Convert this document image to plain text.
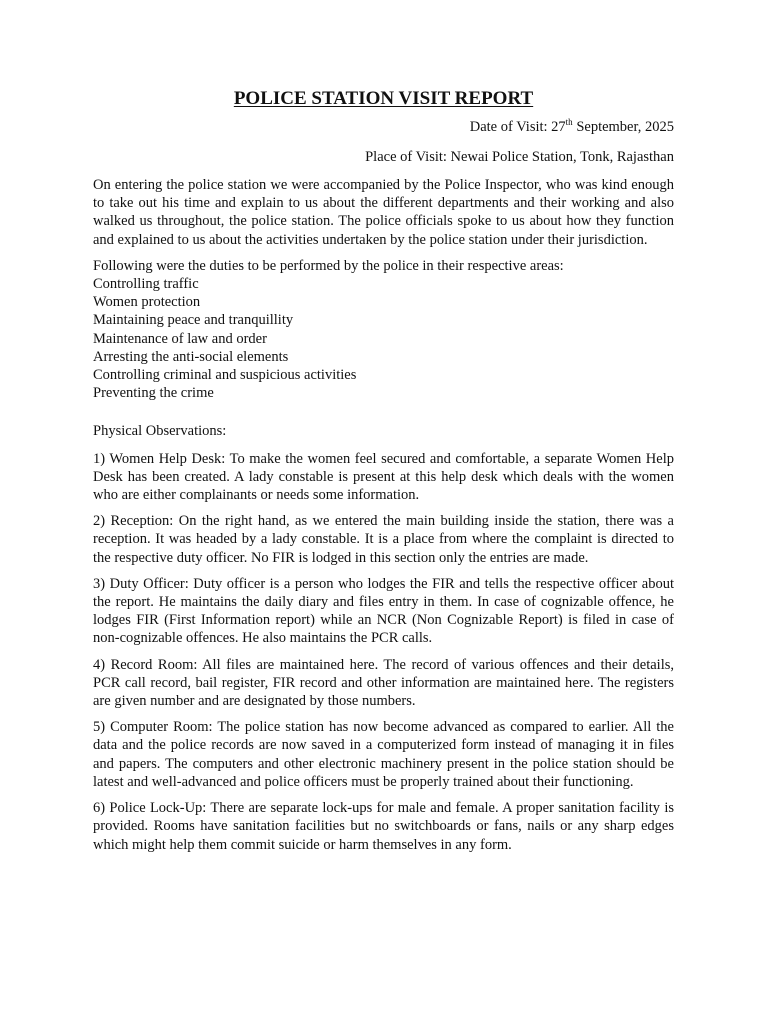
POLICE STATION VISIT REPORT
Date of Visit: 27th September, 2025
Place of Visit: Newai Police Station, Tonk, Rajasthan

On entering the police station we were accompanied by the Police Inspector, who was kind enough to take out his time and explain to us about the different departments and their working and also walked us throughout, the police station. The police officials spoke to us about how they function and explained to us about the activities undertaken by the police station under their jurisdiction.

Following were the duties to be performed by the police in their respective areas:
Controlling traffic
Women protection
Maintaining peace and tranquillity
Maintenance of law and order
Arresting the anti-social elements
Controlling criminal and suspicious activities
Preventing the crime
Physical Observations:

1) Women Help Desk: To make the women feel secured and comfortable, a separate Women Help Desk has been created. A lady constable is present at this help desk which deals with the women who are either complainants or needs some information.

2) Reception: On the right hand, as we entered the main building inside the station, there was a reception. It was headed by a lady constable. It is a place from where the complaint is directed to the respective duty officer. No FIR is lodged in this section only the entries are made.

3) Duty Officer: Duty officer is a person who lodges the FIR and tells the respective officer about the report. He maintains the daily diary and files entry in them. In case of cognizable offence, he lodges FIR (First Information report) while an NCR (Non Cognizable Report) is filed in case of non-cognizable offences. He also maintains the PCR calls.

4) Record Room: All files are maintained here. The record of various offences and their details, PCR call record, bail register, FIR record and other information are maintained here. The registers are given number and are designated by those numbers.

5) Computer Room: The police station has now become advanced as compared to earlier. All the data and the police records are now saved in a computerized form instead of managing it in files and papers. The computers and other electronic machinery present in the police station should be latest and well-advanced and police officers must be properly trained about their functioning.

6) Police Lock-Up: There are separate lock-ups for male and female. A proper sanitation facility is provided. Rooms have sanitation facilities but no switchboards or fans, nails or any sharp edges which might help them commit suicide or harm themselves in any form.
